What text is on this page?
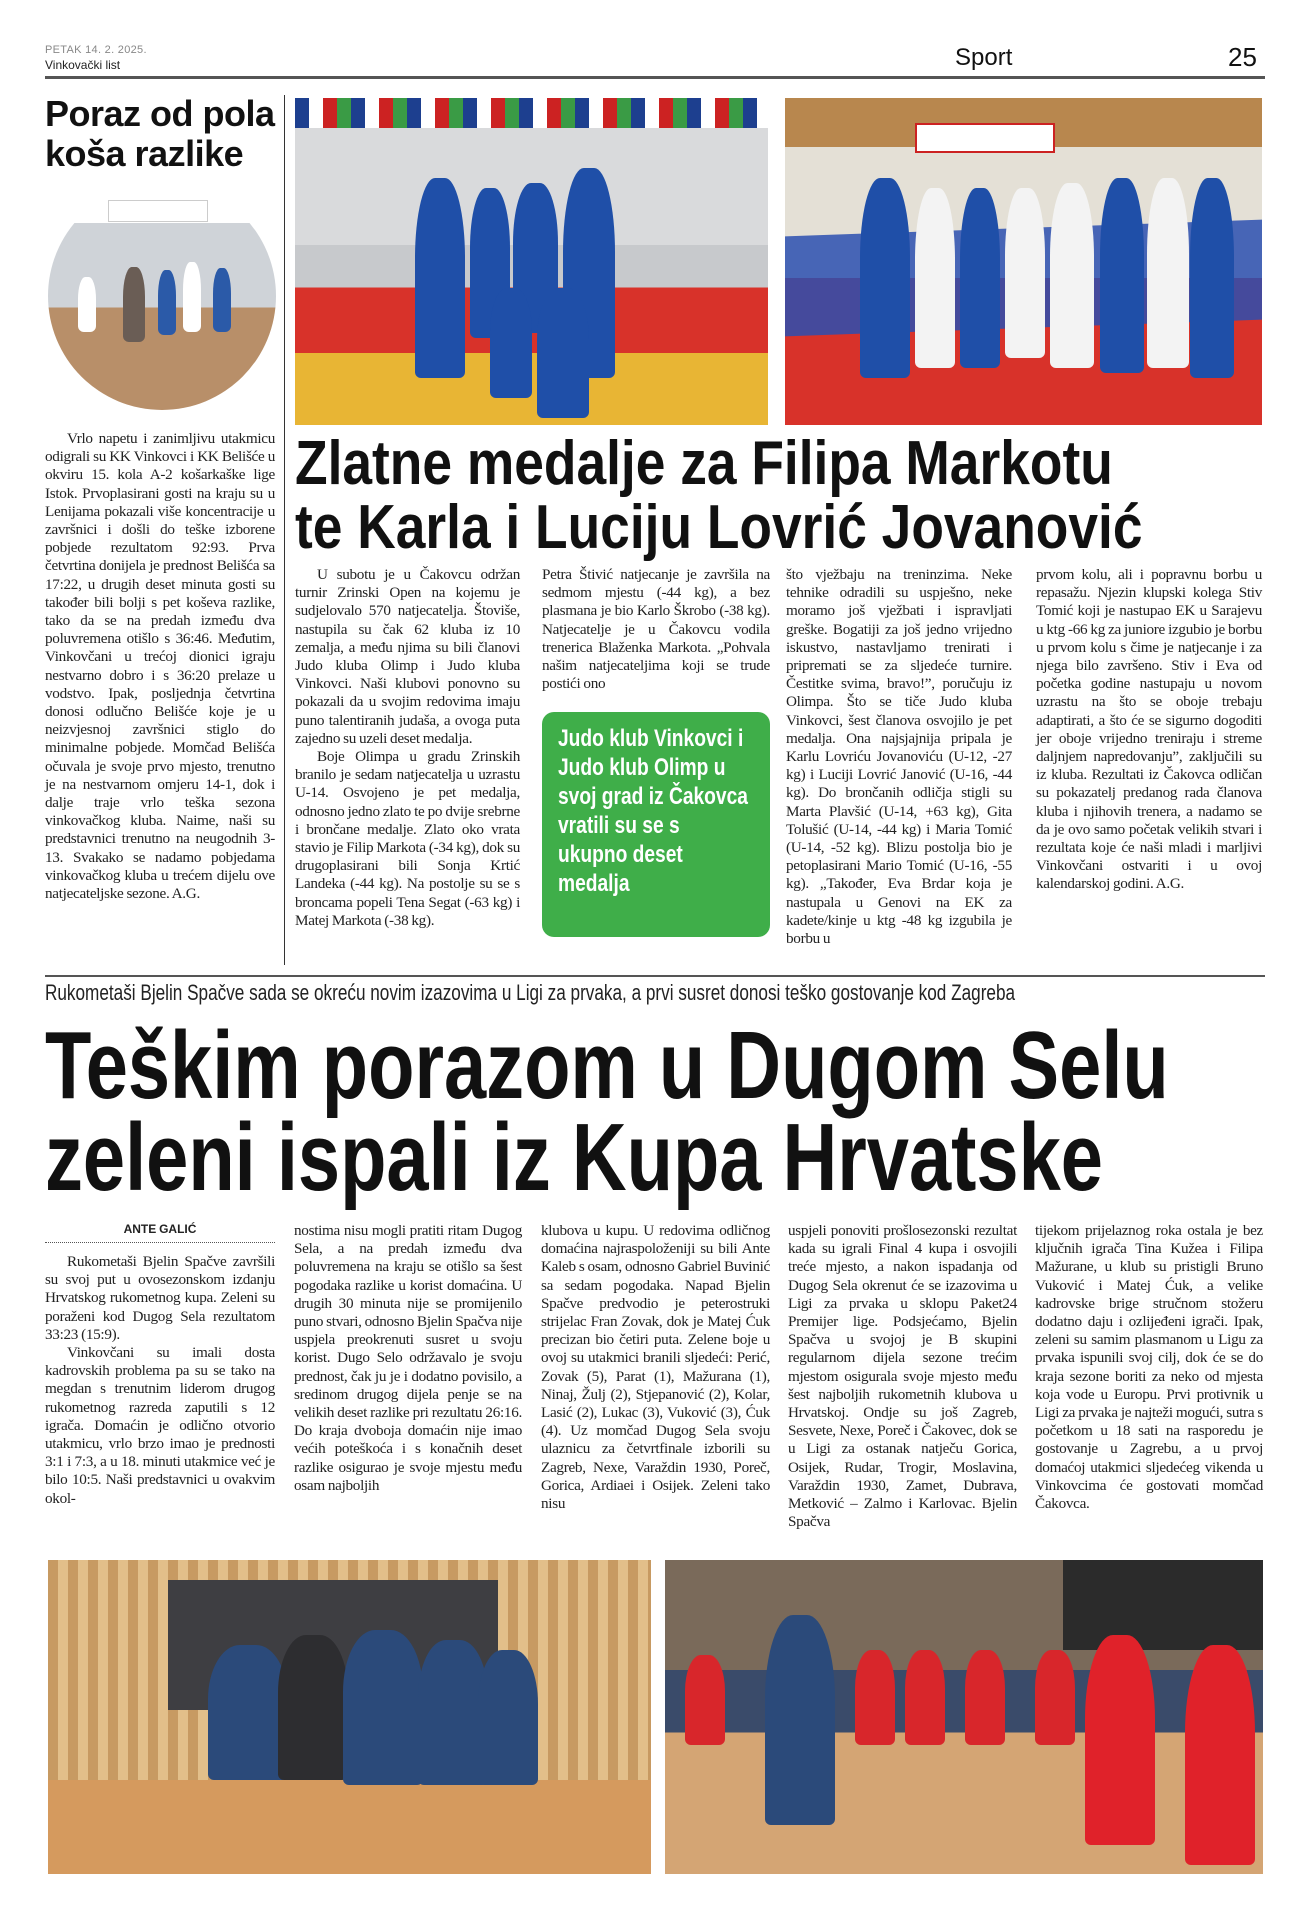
PETAK 14. 2. 2025.
Vinkovački list	Sport	25
Poraz od pola koša razlike

Vrlo napetu i zanimljivu utakmicu odigrali su KK Vinkovci i KK Belišće u okviru 15. kola A-2 košarkaške lige Istok. Prvoplasirani gosti na kraju su u Lenijama pokazali više koncentracije u završnici i došli do teške izborene pobjede rezultatom 92:93. Prva četvrtina donijela je prednost Belišća sa 17:22, u drugih deset minuta gosti su također bili bolji s pet koševa razlike, tako da se na predah između dva poluvremena otišlo s 36:46. Međutim, Vinkovčani u trećoj dionici igraju nestvarno dobro i s 36:20 prelaze u vodstvo. Ipak, posljednja četvrtina donosi odlučno Belišće koje je u neizvjesnoj završnici stiglo do minimalne pobjede. Momčad Belišća očuvala je svoje prvo mjesto, trenutno je na nestvarnom omjeru 14-1, dok i dalje traje vrlo teška sezona vinkovačkog kluba. Naime, naši su predstavnici trenutno na neugodnih 3-13. Svakako se nadamo pobjedama vinkovačkog kluba u trećem dijelu ove natjecateljske sezone. A.G.

Zlatne medalje za Filipa Markotu
te Karla i Luciju Lovrić Jovanović

U subotu je u Čakovcu održan turnir Zrinski Open na kojemu je sudjelovalo 570 natjecatelja. Štoviše, nastupila su čak 62 kluba iz 10 zemalja, a među njima su bili članovi Judo kluba Olimp i Judo kluba Vinkovci. Naši klubovi ponovno su pokazali da u svojim redovima imaju puno talentiranih judaša, a ovoga puta zajedno su uzeli deset medalja.

Boje Olimpa u gradu Zrinskih branilo je sedam natjecatelja u uzrastu U-14. Osvojeno je pet medalja, odnosno jedno zlato te po dvije srebrne i brončane medalje. Zlato oko vrata stavio je Filip Markota (-34 kg), dok su drugoplasirani bili Sonja Krtić Landeka (-44 kg). Na postolje su se s broncama popeli Tena Segat (-63 kg) i Matej Markota (-38 kg).

Petra Štivić natjecanje je završila na sedmom mjestu (-44 kg), a bez plasmana je bio Karlo Škrobo (-38 kg). Natjecatelje je u Čakovcu vodila trenerica Blaženka Markota. „Pohvala našim natjecateljima koji se trude postići ono

Judo klub Vinkovci i Judo klub Olimp u svoj grad iz Čakovca vratili su se s ukupno deset medalja

što vježbaju na treninzima. Neke tehnike odradili su uspješno, neke moramo još vježbati i ispravljati greške. Bogatiji za još jedno vrijedno iskustvo, nastavljamo trenirati i pripremati se za sljedeće turnire. Čestitke svima, bravo!”, poručuju iz Olimpa. Što se tiče Judo kluba Vinkovci, šest članova osvojilo je pet medalja. Ona najsjajnija pripala je Karlu Lovriću Jovanoviću (U-12, -27 kg) i Luciji Lovrić Janović (U-16, -44 kg). Do brončanih odličja stigli su Marta Plavšić (U-14, +63 kg), Gita Tolušić (U-14, -44 kg) i Maria Tomić (U-14, -52 kg). Blizu postolja bio je petoplasirani Mario Tomić (U-16, -55 kg). „Također, Eva Brdar koja je nastupala u Genovi na EK za kadete/kinje u ktg -48 kg izgubila je borbu u

prvom kolu, ali i popravnu borbu u repasažu. Njezin klupski kolega Stiv Tomić koji je nastupao EK u Sarajevu u ktg -66 kg za juniore izgubio je borbu u prvom kolu s čime je natjecanje i za njega bilo završeno. Stiv i Eva od početka godine nastupaju u novom uzrastu na što se oboje trebaju adaptirati, a što će se sigurno dogoditi jer oboje vrijedno treniraju i streme daljnjem napredovanju”, zaključili su iz kluba. Rezultati iz Čakovca odličan su pokazatelj predanog rada članova kluba i njihovih trenera, a nadamo se da je ovo samo početak velikih stvari i rezultata koje će naši mladi i marljivi Vinkovčani ostvariti i u ovoj kalendarskoj godini. A.G.

Rukometaši Bjelin Spačve sada se okreću novim izazovima u Ligi za prvaka, a prvi susret donosi teško gostovanje kod Zagreba
Teškim porazom u Dugom Selu
zeleni ispali iz Kupa Hrvatske
ANTE GALIĆ

Rukometaši Bjelin Spačve završili su svoj put u ovosezonskom izdanju Hrvatskog rukometnog kupa. Zeleni su poraženi kod Dugog Sela rezultatom 33:23 (15:9).

Vinkovčani su imali dosta kadrovskih problema pa su se tako na megdan s trenutnim liderom drugog rukometnog razreda zaputili s 12 igrača. Domaćin je odlično otvorio utakmicu, vrlo brzo imao je prednosti 3:1 i 7:3, a u 18. minuti utakmice već je bilo 10:5. Naši predstavnici u ovakvim okol-

nostima nisu mogli pratiti ritam Dugog Sela, a na predah između dva poluvremena na kraju se otišlo sa šest pogodaka razlike u korist domaćina. U drugih 30 minuta nije se promijenilo puno stvari, odnosno Bjelin Spačva nije uspjela preokrenuti susret u svoju korist. Dugo Selo održavalo je svoju prednost, čak ju je i dodatno povisilo, a sredinom drugog dijela penje se na velikih deset razlike pri rezultatu 26:16. Do kraja dvoboja domaćin nije imao većih poteškoća i s konačnih deset razlike osigurao je svoje mjestu među osam najboljih

klubova u kupu. U redovima odličnog domaćina najraspoloženiji su bili Ante Kaleb s osam, odnosno Gabriel Buvinić sa sedam pogodaka. Napad Bjelin Spačve predvodio je peterostruki strijelac Fran Zovak, dok je Matej Ćuk precizan bio četiri puta. Zelene boje u ovoj su utakmici branili sljedeći: Perić, Zovak (5), Parat (1), Mažurana (1), Ninaj, Žulj (2), Stjepanović (2), Kolar, Lasić (2), Lukac (3), Vuković (3), Ćuk (4). Uz momčad Dugog Sela svoju ulaznicu za četvrtfinale izborili su Zagreb, Nexe, Varaždin 1930, Poreč, Gorica, Ardiaei i Osijek. Zeleni tako nisu

uspjeli ponoviti prošlosezonski rezultat kada su igrali Final 4 kupa i osvojili treće mjesto, a nakon ispadanja od Dugog Sela okrenut će se izazovima u Ligi za prvaka u sklopu Paket24 Premijer lige. Podsjećamo, Bjelin Spačva u svojoj je B skupini regularnom dijela sezone trećim mjestom osigurala svoje mjesto među šest najboljih rukometnih klubova u Hrvatskoj. Ondje su još Zagreb, Sesvete, Nexe, Poreč i Čakovec, dok se u Ligi za ostanak natječu Gorica, Osijek, Rudar, Trogir, Moslavina, Varaždin 1930, Zamet, Dubrava, Metković – Zalmo i Karlovac. Bjelin Spačva

tijekom prijelaznog roka ostala je bez ključnih igrača Tina Kužea i Filipa Mažurane, u klub su pristigli Bruno Vuković i Matej Ćuk, a velike kadrovske brige stručnom stožeru dodatno daju i ozlijeđeni igrači. Ipak, zeleni su samim plasmanom u Ligu za prvaka ispunili svoj cilj, dok će se do kraja sezone boriti za neko od mjesta koja vode u Europu. Prvi protivnik u Ligi za prvaka je najteži mogući, sutra s početkom u 18 sati na rasporedu je gostovanje u Zagrebu, a u prvoj domaćoj utakmici sljedećeg vikenda u Vinkovcima će gostovati momčad Čakovca.
